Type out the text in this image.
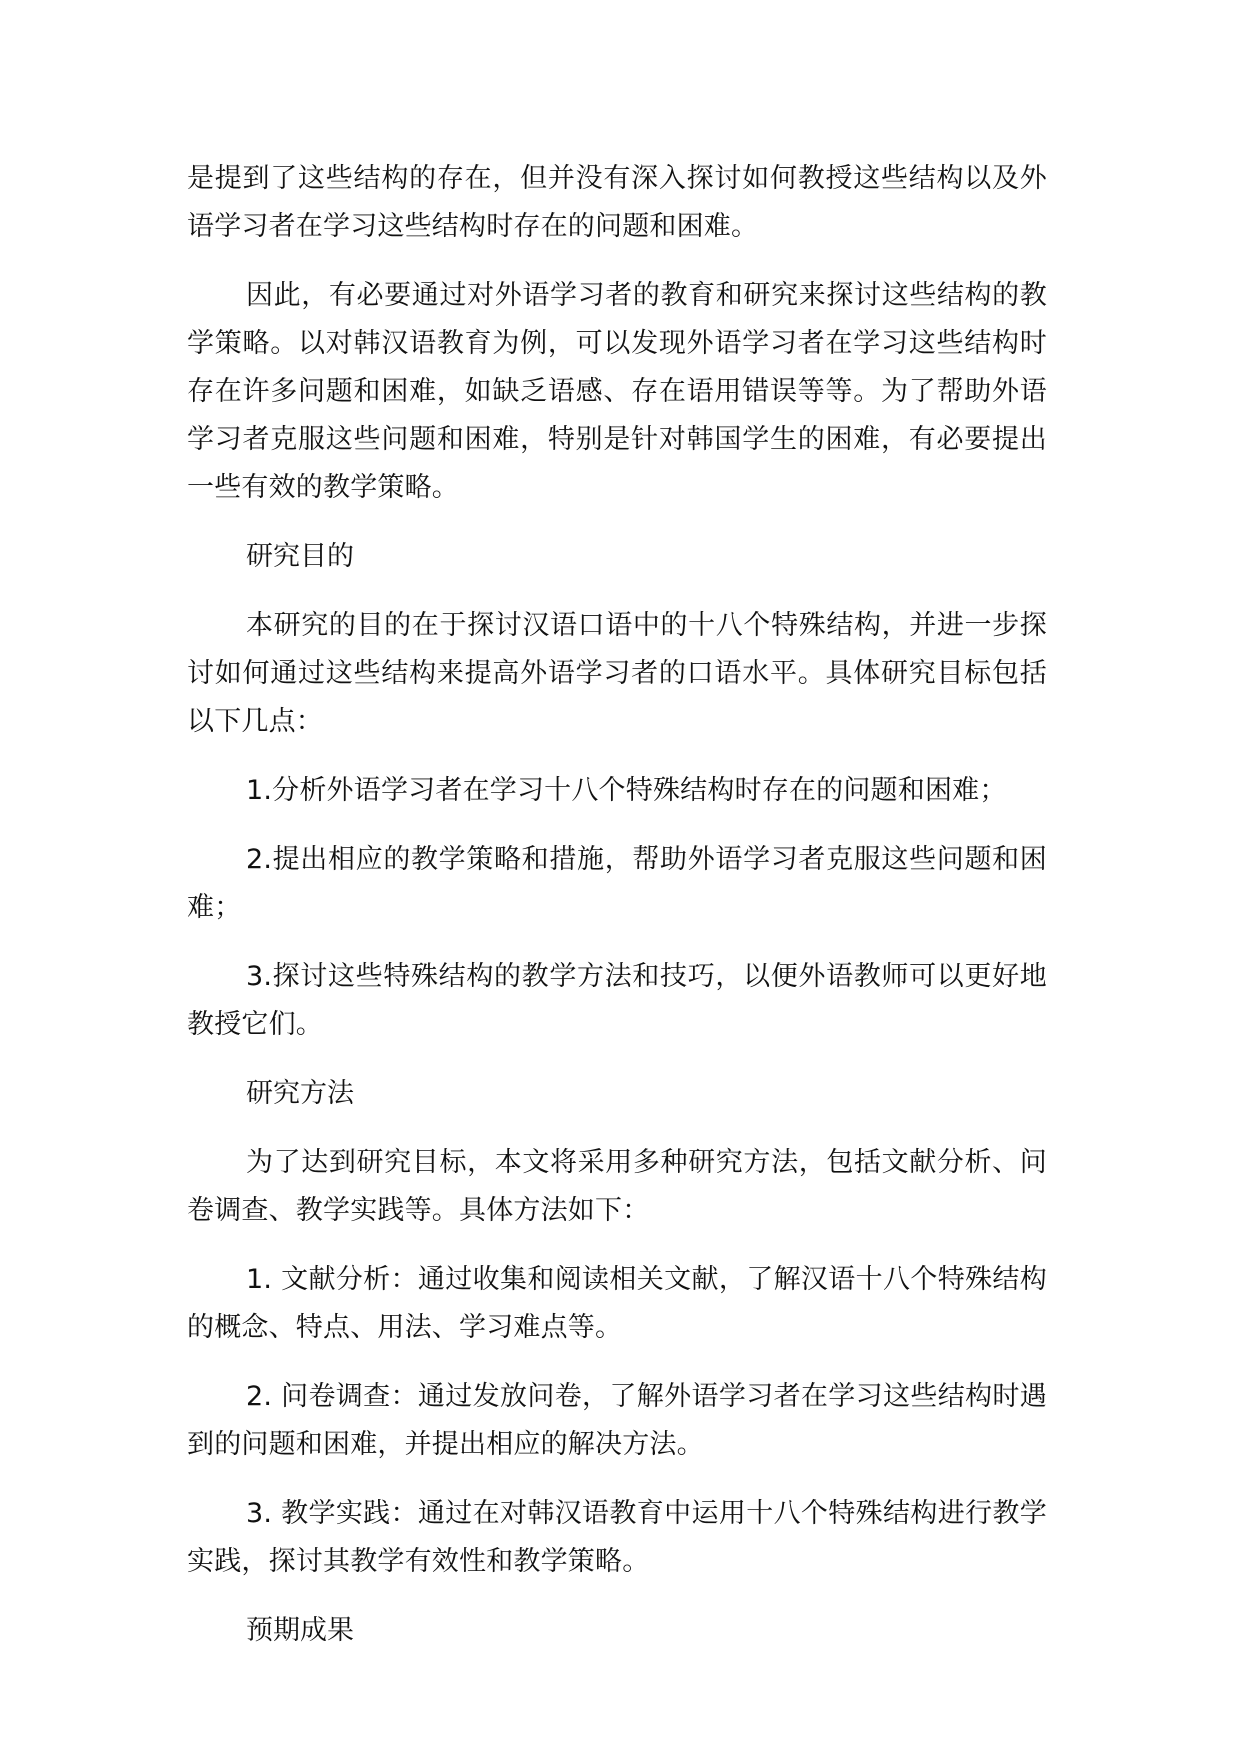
是提到了这些结构的存在，但并没有深入探讨如何教授这些结构以及外语学习者在学习这些结构时存在的问题和困难。

因此，有必要通过对外语学习者的教育和研究来探讨这些结构的教学策略。以对韩汉语教育为例，可以发现外语学习者在学习这些结构时存在许多问题和困难，如缺乏语感、存在语用错误等等。为了帮助外语学习者克服这些问题和困难，特别是针对韩国学生的困难，有必要提出一些有效的教学策略。

研究目的

本研究的目的在于探讨汉语口语中的十八个特殊结构，并进一步探讨如何通过这些结构来提高外语学习者的口语水平。具体研究目标包括以下几点：

1.分析外语学习者在学习十八个特殊结构时存在的问题和困难；

2.提出相应的教学策略和措施，帮助外语学习者克服这些问题和困难；

3.探讨这些特殊结构的教学方法和技巧，以便外语教师可以更好地教授它们。

研究方法

为了达到研究目标，本文将采用多种研究方法，包括文献分析、问卷调查、教学实践等。具体方法如下：

1. 文献分析：通过收集和阅读相关文献，了解汉语十八个特殊结构的概念、特点、用法、学习难点等。

2. 问卷调查：通过发放问卷，了解外语学习者在学习这些结构时遇到的问题和困难，并提出相应的解决方法。

3. 教学实践：通过在对韩汉语教育中运用十八个特殊结构进行教学实践，探讨其教学有效性和教学策略。

预期成果
